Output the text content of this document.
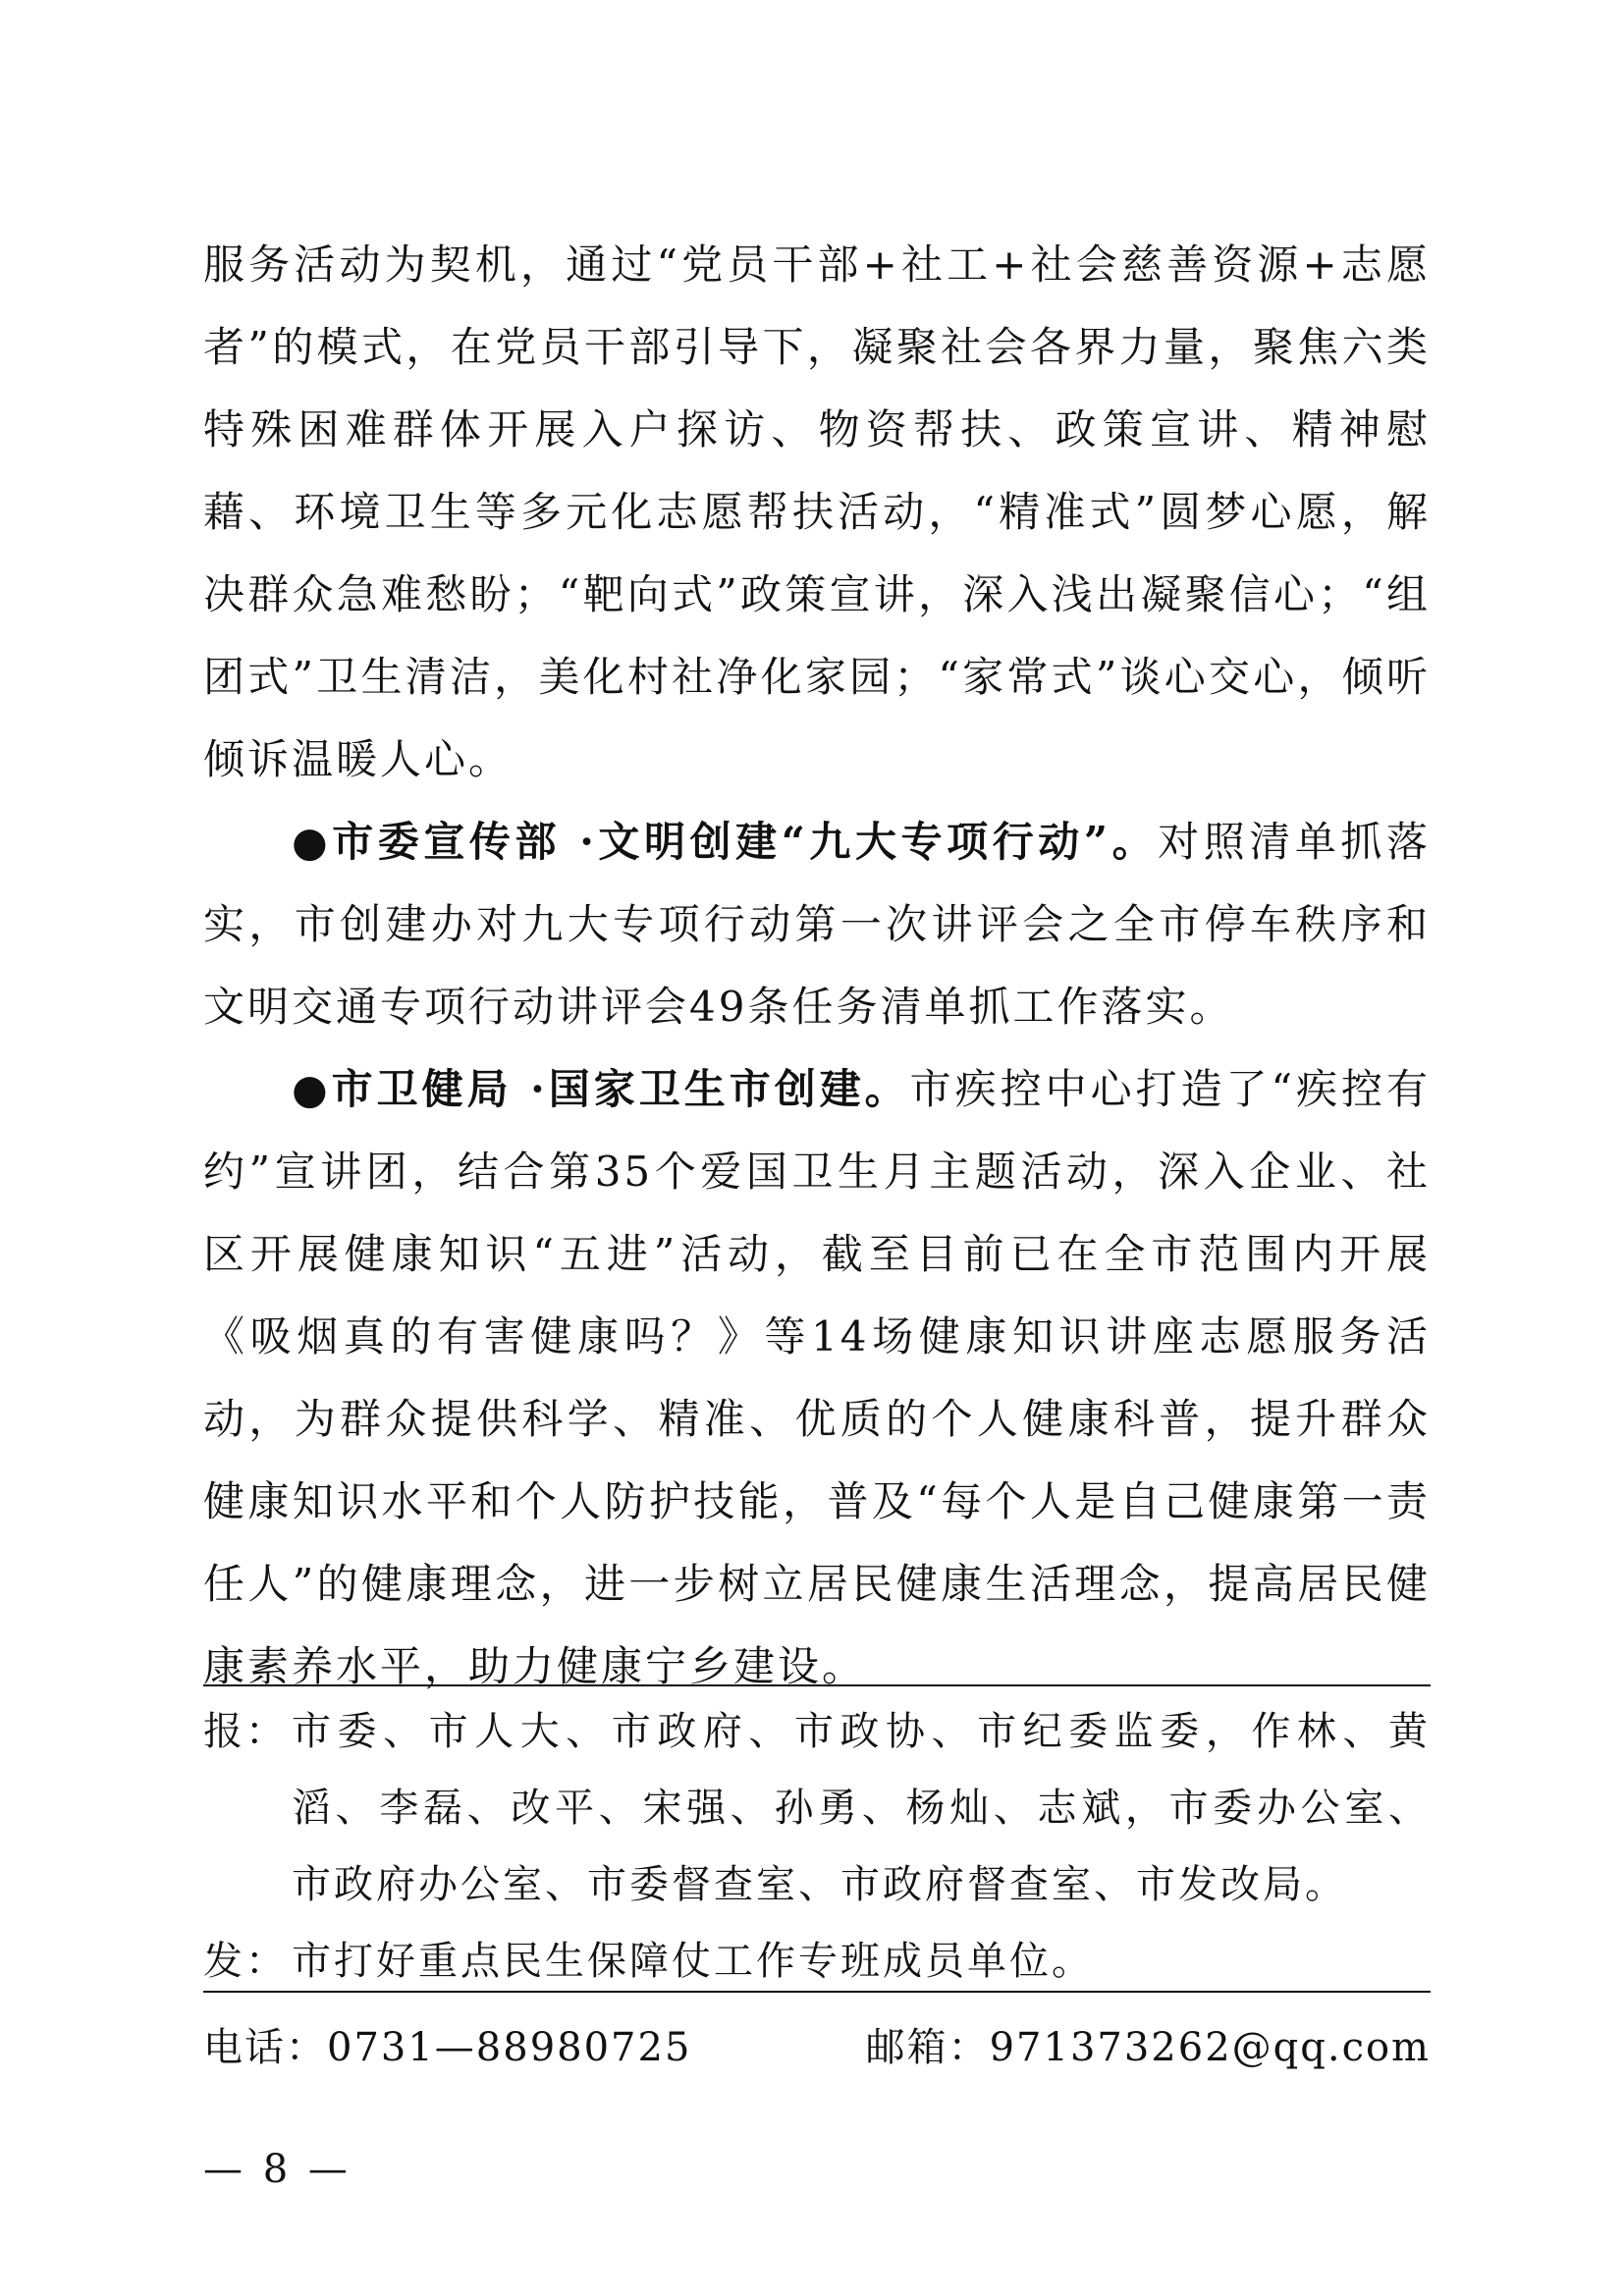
服务活动为契机，通过“党员干部+社工+社会慈善资源+志愿者”的模式，在党员干部引导下，凝聚社会各界力量，聚焦六类特殊困难群体开展入户探访、物资帮扶、政策宣讲、精神慰藉、环境卫生等多元化志愿帮扶活动，“精准式”圆梦心愿，解决群众急难愁盼；“靶向式”政策宣讲，深入浅出凝聚信心；“组团式”卫生清洁，美化村社净化家园；“家常式”谈心交心，倾听倾诉温暖人心。

●市委宣传部 ·文明创建“九大专项行动”。对照清单抓落实，市创建办对九大专项行动第一次讲评会之全市停车秩序和文明交通专项行动讲评会49条任务清单抓工作落实。

●市卫健局 ·国家卫生市创建。市疾控中心打造了“疾控有约”宣讲团，结合第35个爱国卫生月主题活动，深入企业、社区开展健康知识“五进”活动，截至目前已在全市范围内开展《吸烟真的有害健康吗？》等14场健康知识讲座志愿服务活动，为群众提供科学、精准、优质的个人健康科普，提升群众健康知识水平和个人防护技能，普及“每个人是自己健康第一责任人”的健康理念，进一步树立居民健康生活理念，提高居民健康素养水平，助力健康宁乡建设。

报： 市委、市人大、市政府、市政协、市纪委监委，作林、黄滔、李磊、改平、宋强、孙勇、杨灿、志斌，市委办公室、市政府办公室、市委督查室、市政府督查室、市发改局。
发： 市打好重点民生保障仗工作专班成员单位。
电话：0731—88980725	邮箱：971373262@qq.com
— 8 —
